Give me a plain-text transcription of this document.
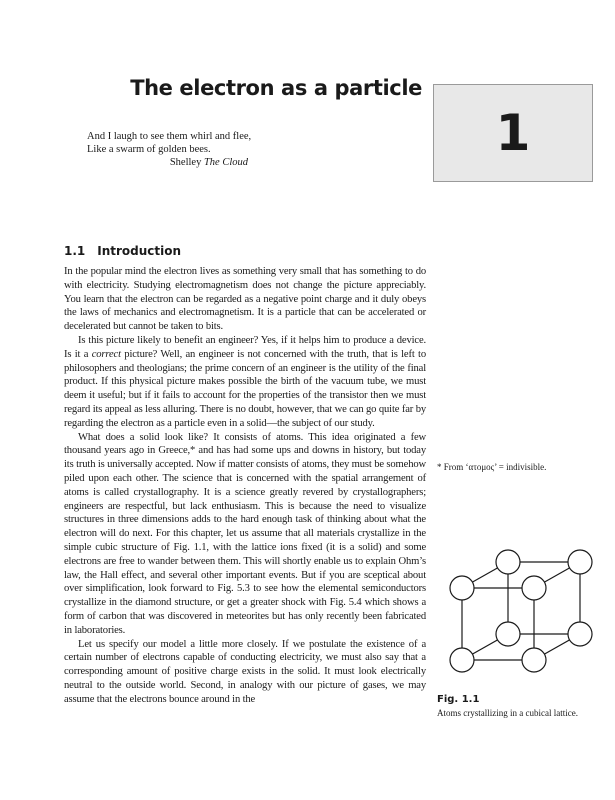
The electron as a particle
1
And I laugh to see them whirl and flee,
Like a swarm of golden bees.
Shelley The Cloud
1.1 Introduction

In the popular mind the electron lives as something very small that has something to do with electricity. Studying electromagnetism does not change the picture appreciably. You learn that the electron can be regarded as a negative point charge and it duly obeys the laws of mechanics and electromagnetism. It is a particle that can be accelerated or decelerated but cannot be taken to bits.

Is this picture likely to benefit an engineer? Yes, if it helps him to produce a device. Is it a correct picture? Well, an engineer is not concerned with the truth, that is left to philosophers and theologians; the prime concern of an engineer is the utility of the final product. If this physical picture makes possible the birth of the vacuum tube, we must deem it useful; but if it fails to account for the properties of the transistor then we must regard its appeal as less alluring. There is no doubt, however, that we can go quite far by regarding the electron as a particle even in a solid—the subject of our study.

What does a solid look like? It consists of atoms. This idea originated a few thousand years ago in Greece,* and has had some ups and downs in history, but today its truth is universally accepted. Now if matter consists of atoms, they must be somehow piled upon each other. The science that is concerned with the spatial arrangement of atoms is called crystallography. It is a science greatly revered by crystallographers; engineers are respectful, but lack enthusiasm. This is because the need to visualize structures in three dimensions adds to the hard enough task of thinking about what the electron will do next. For this chapter, let us assume that all materials crystallize in the simple cubic structure of Fig. 1.1, with the lattice ions fixed (it is a solid) and some electrons are free to wander between them. This will shortly enable us to explain Ohm’s law, the Hall effect, and several other important events. But if you are sceptical about over simplification, look forward to Fig. 5.3 to see how the elemental semiconductors crystallize in the diamond structure, or get a greater shock with Fig. 5.4 which shows a form of carbon that was discovered in meteorites but has only recently been fabricated in laboratories.

Let us specify our model a little more closely. If we postulate the existence of a certain number of electrons capable of conducting electricity, we must also say that a corresponding amount of positive charge exists in the solid. It must look electrically neutral to the outside world. Second, in analogy with our picture of gases, we may assume that the electrons bounce around in the

* From ‘ατομος’ = indivisible.
Fig. 1.1
Atoms crystallizing in a cubical lattice.
